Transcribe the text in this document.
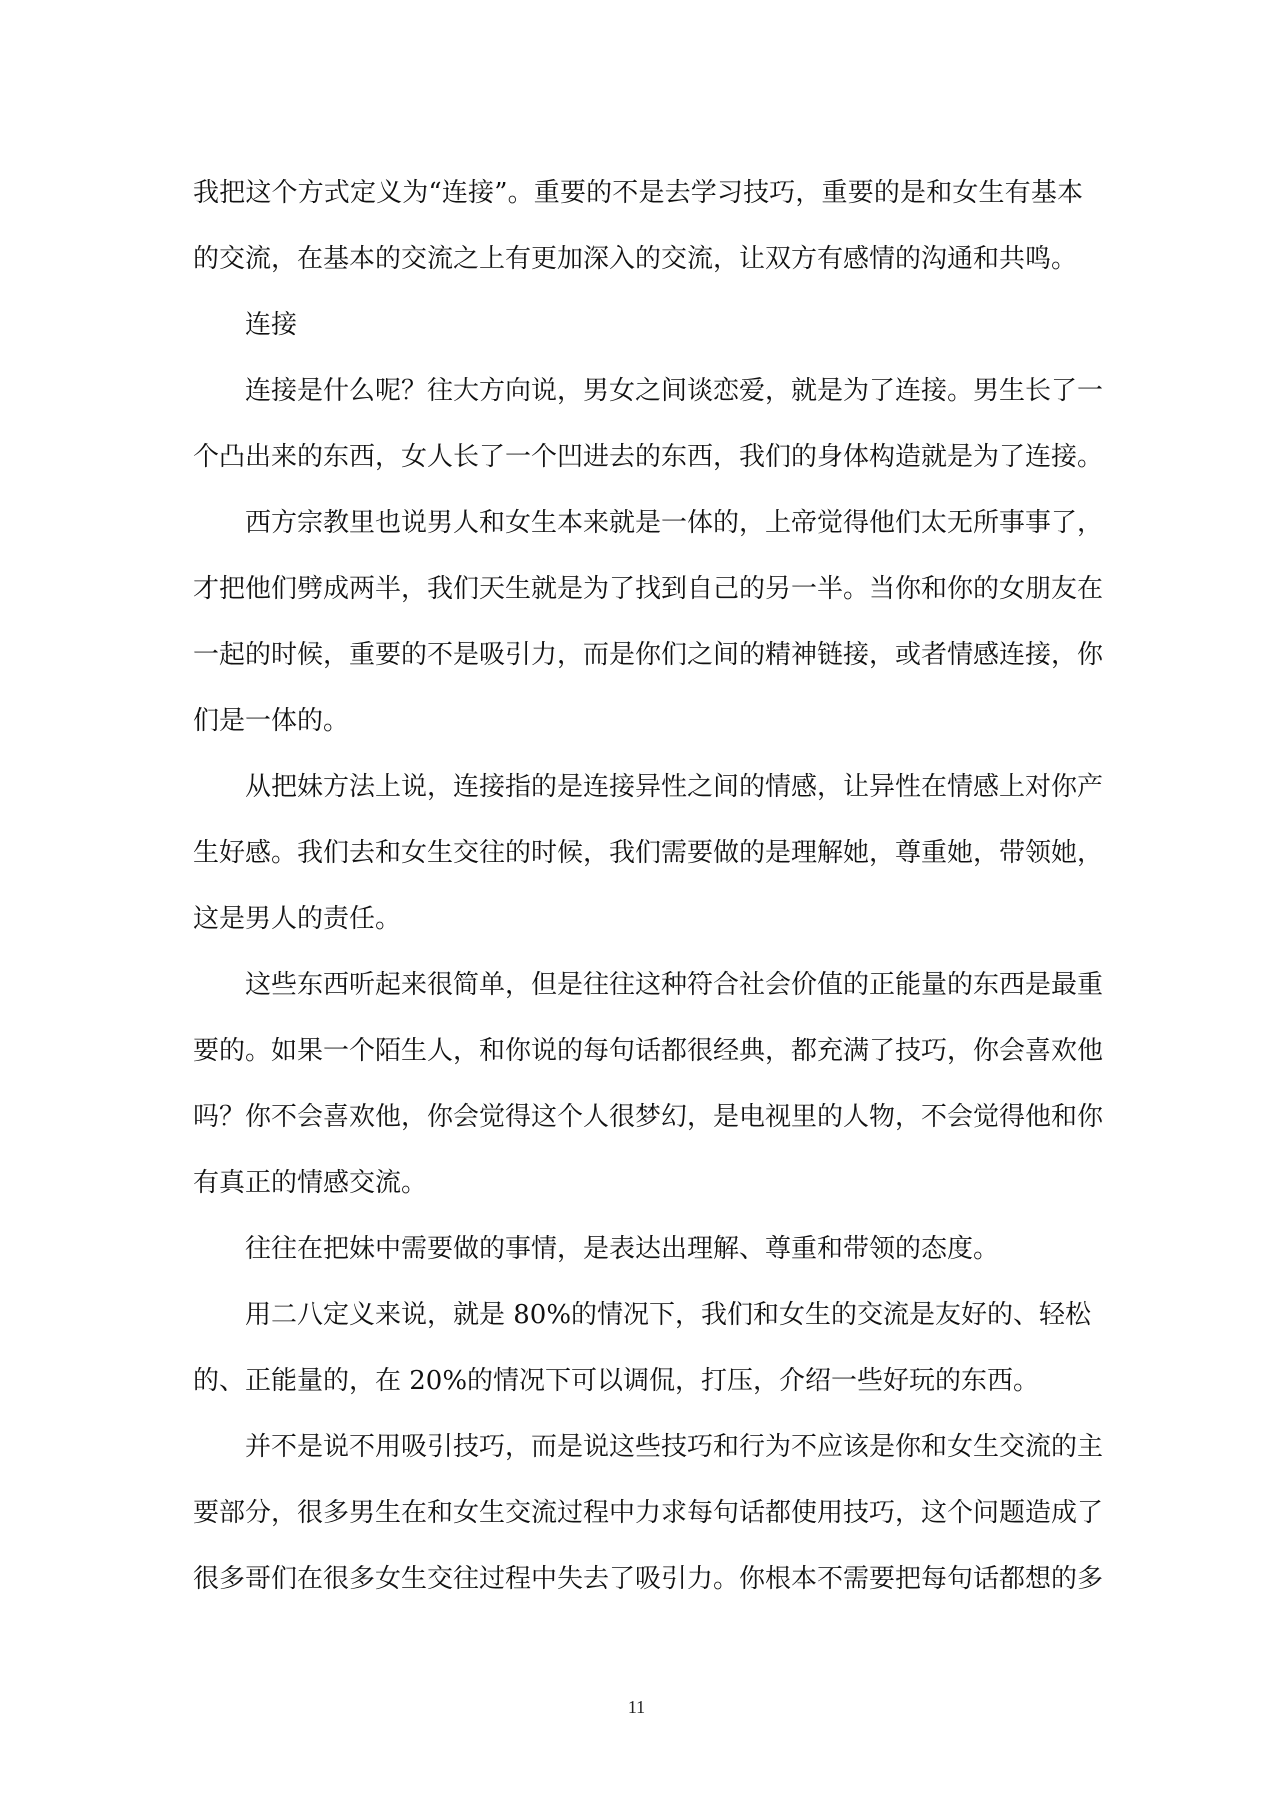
我把这个方式定义为“连接”。重要的不是去学习技巧，重要的是和女生有基本
的交流，在基本的交流之上有更加深入的交流，让双方有感情的沟通和共鸣。
连接
连接是什么呢？往大方向说，男女之间谈恋爱，就是为了连接。男生长了一
个凸出来的东西，女人长了一个凹进去的东西，我们的身体构造就是为了连接。
西方宗教里也说男人和女生本来就是一体的，上帝觉得他们太无所事事了，
才把他们劈成两半，我们天生就是为了找到自己的另一半。当你和你的女朋友在
一起的时候，重要的不是吸引力，而是你们之间的精神链接，或者情感连接，你
们是一体的。
从把妹方法上说，连接指的是连接异性之间的情感，让异性在情感上对你产
生好感。我们去和女生交往的时候，我们需要做的是理解她，尊重她，带领她，
这是男人的责任。
这些东西听起来很简单，但是往往这种符合社会价值的正能量的东西是最重
要的。如果一个陌生人，和你说的每句话都很经典，都充满了技巧，你会喜欢他
吗？你不会喜欢他，你会觉得这个人很梦幻，是电视里的人物，不会觉得他和你
有真正的情感交流。
往往在把妹中需要做的事情，是表达出理解、尊重和带领的态度。
用二八定义来说，就是 80%的情况下，我们和女生的交流是友好的、轻松
的、正能量的，在 20%的情况下可以调侃，打压，介绍一些好玩的东西。
并不是说不用吸引技巧，而是说这些技巧和行为不应该是你和女生交流的主
要部分，很多男生在和女生交流过程中力求每句话都使用技巧，这个问题造成了
很多哥们在很多女生交往过程中失去了吸引力。你根本不需要把每句话都想的多
11
